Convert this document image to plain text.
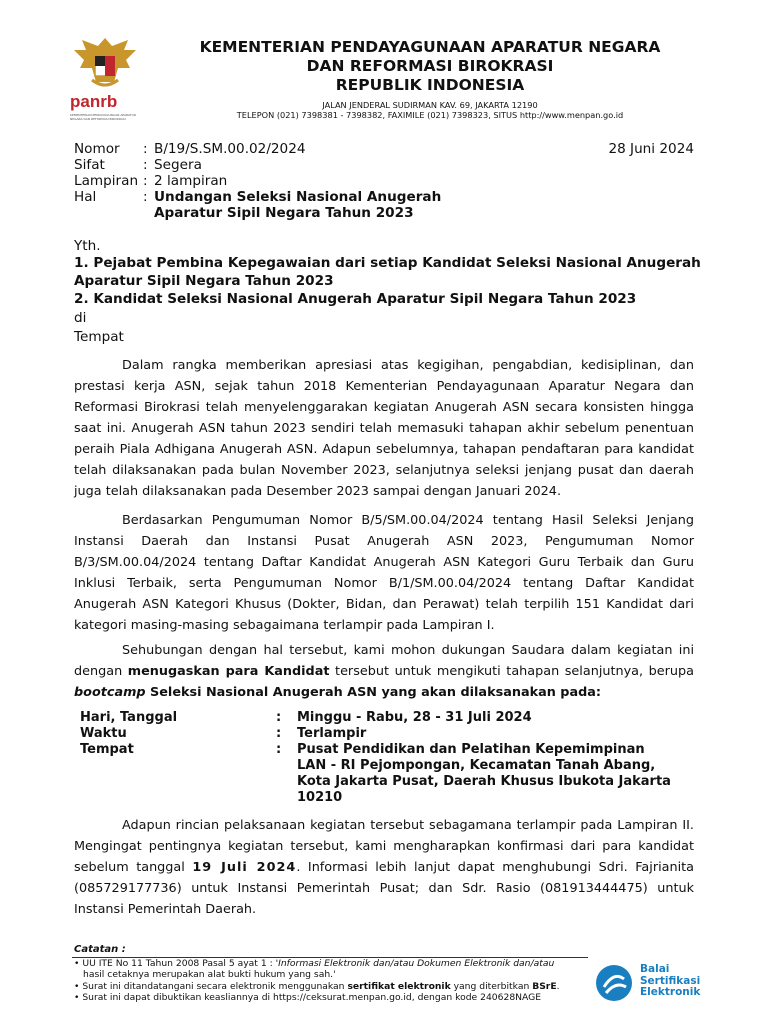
panrb
KEMENTERIAN PENDAYAGUNAAN APARATUR NEGARA DAN REFORMASI BIROKRASI
KEMENTERIAN PENDAYAGUNAAN APARATUR NEGARA
DAN REFORMASI BIROKRASI
REPUBLIK INDONESIA
JALAN JENDERAL SUDIRMAN KAV. 69, JAKARTA 12190
TELEPON (021) 7398381 - 7398382, FAXIMILE (021) 7398323, SITUS http://www.menpan.go.id
Nomor : B/19/S.SM.00.02/2024	28 Juni 2024
Sifat	: Segera
Lampiran : 2 lampiran
Hal	: Undangan Seleksi Nasional Anugerah
Aparatur Sipil Negara Tahun 2023
Yth.
1. Pejabat Pembina Kepegawaian dari setiap Kandidat Seleksi Nasional Anugerah
Aparatur Sipil Negara Tahun 2023
2. Kandidat Seleksi Nasional Anugerah Aparatur Sipil Negara Tahun 2023
di
Tempat

Dalam rangka memberikan apresiasi atas kegigihan, pengabdian, kedisiplinan, dan prestasi kerja ASN, sejak tahun 2018 Kementerian Pendayagunaan Aparatur Negara dan Reformasi Birokrasi telah menyelenggarakan kegiatan Anugerah ASN secara konsisten hingga saat ini. Anugerah ASN tahun 2023 sendiri telah memasuki tahapan akhir sebelum penentuan peraih Piala Adhigana Anugerah ASN. Adapun sebelumnya, tahapan pendaftaran para kandidat telah dilaksanakan pada bulan November 2023, selanjutnya seleksi jenjang pusat dan daerah juga telah dilaksanakan pada Desember 2023 sampai dengan Januari 2024.

Berdasarkan Pengumuman Nomor B/5/SM.00.04/2024 tentang Hasil Seleksi Jenjang Instansi Daerah dan Instansi Pusat Anugerah ASN 2023, Pengumuman Nomor B/3/SM.00.04/2024 tentang Daftar Kandidat Anugerah ASN Kategori Guru Terbaik dan Guru Inklusi Terbaik, serta Pengumuman Nomor B/1/SM.00.04/2024 tentang Daftar Kandidat Anugerah ASN Kategori Khusus (Dokter, Bidan, dan Perawat) telah terpilih 151 Kandidat dari kategori masing-masing sebagaimana terlampir pada Lampiran I.

Sehubungan dengan hal tersebut, kami mohon dukungan Saudara dalam kegiatan ini dengan menugaskan para Kandidat tersebut untuk mengikuti tahapan selanjutnya, berupa bootcamp Seleksi Nasional Anugerah ASN yang akan dilaksanakan pada:

Hari, Tanggal	: Minggu - Rabu, 28 - 31 Juli 2024
Waktu	: Terlampir
Tempat	: Pusat Pendidikan dan Pelatihan Kepemimpinan
LAN - RI Pejompongan, Kecamatan Tanah Abang,
Kota Jakarta Pusat, Daerah Khusus Ibukota Jakarta
10210

Adapun rincian pelaksanaan kegiatan tersebut sebagamana terlampir pada Lampiran II. Mengingat pentingnya kegiatan tersebut, kami mengharapkan konfirmasi dari para kandidat sebelum tanggal 19 Juli 2024. Informasi lebih lanjut dapat menghubungi Sdri. Fajrianita (085729177736) untuk Instansi Pemerintah Pusat; dan Sdr. Rasio (081913444475) untuk Instansi Pemerintah Daerah.

Catatan :
• UU ITE No 11 Tahun 2008 Pasal 5 ayat 1 : 'Informasi Elektronik dan/atau Dokumen Elektronik dan/atau
hasil cetaknya merupakan alat bukti hukum yang sah.'
• Surat ini ditandatangani secara elektronik menggunakan sertifikat elektronik yang diterbitkan BSrE.
• Surat ini dapat dibuktikan keasliannya di https://ceksurat.menpan.go.id, dengan kode 240628NAGE
Balai
Sertifikasi
Elektronik
